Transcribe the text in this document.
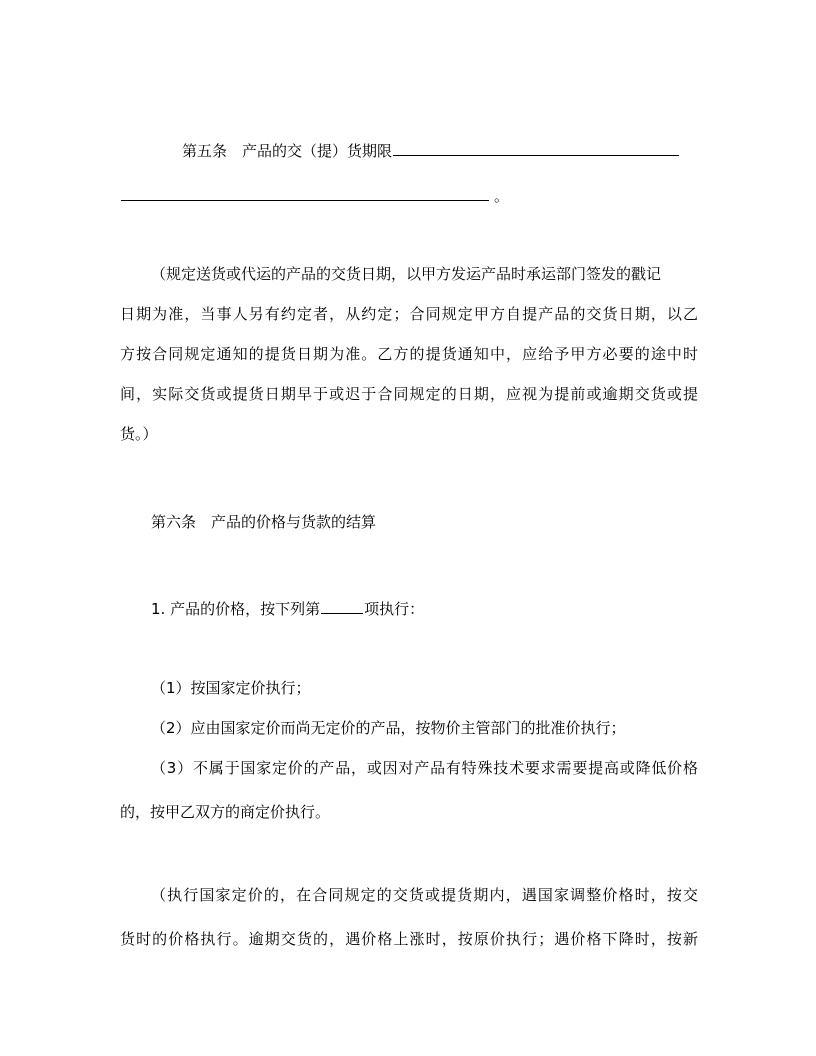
第五条　产品的交（提）货期限
。
（规定送货或代运的产品的交货日期，以甲方发运产品时承运部门签发的戳记
日期为准，当事人另有约定者，从约定；合同规定甲方自提产品的交货日期，以乙
方按合同规定通知的提货日期为准。乙方的提货通知中，应给予甲方必要的途中时
间，实际交货或提货日期早于或迟于合同规定的日期，应视为提前或逾期交货或提
货。）
第六条　产品的价格与货款的结算
1. 产品的价格，按下列第	项执行：
（1）按国家定价执行；
（2）应由国家定价而尚无定价的产品，按物价主管部门的批准价执行；
（3）不属于国家定价的产品，或因对产品有特殊技术要求需要提高或降低价格
的，按甲乙双方的商定价执行。
（执行国家定价的，在合同规定的交货或提货期内，遇国家调整价格时，按交
货时的价格执行。逾期交货的，遇价格上涨时，按原价执行；遇价格下降时，按新
